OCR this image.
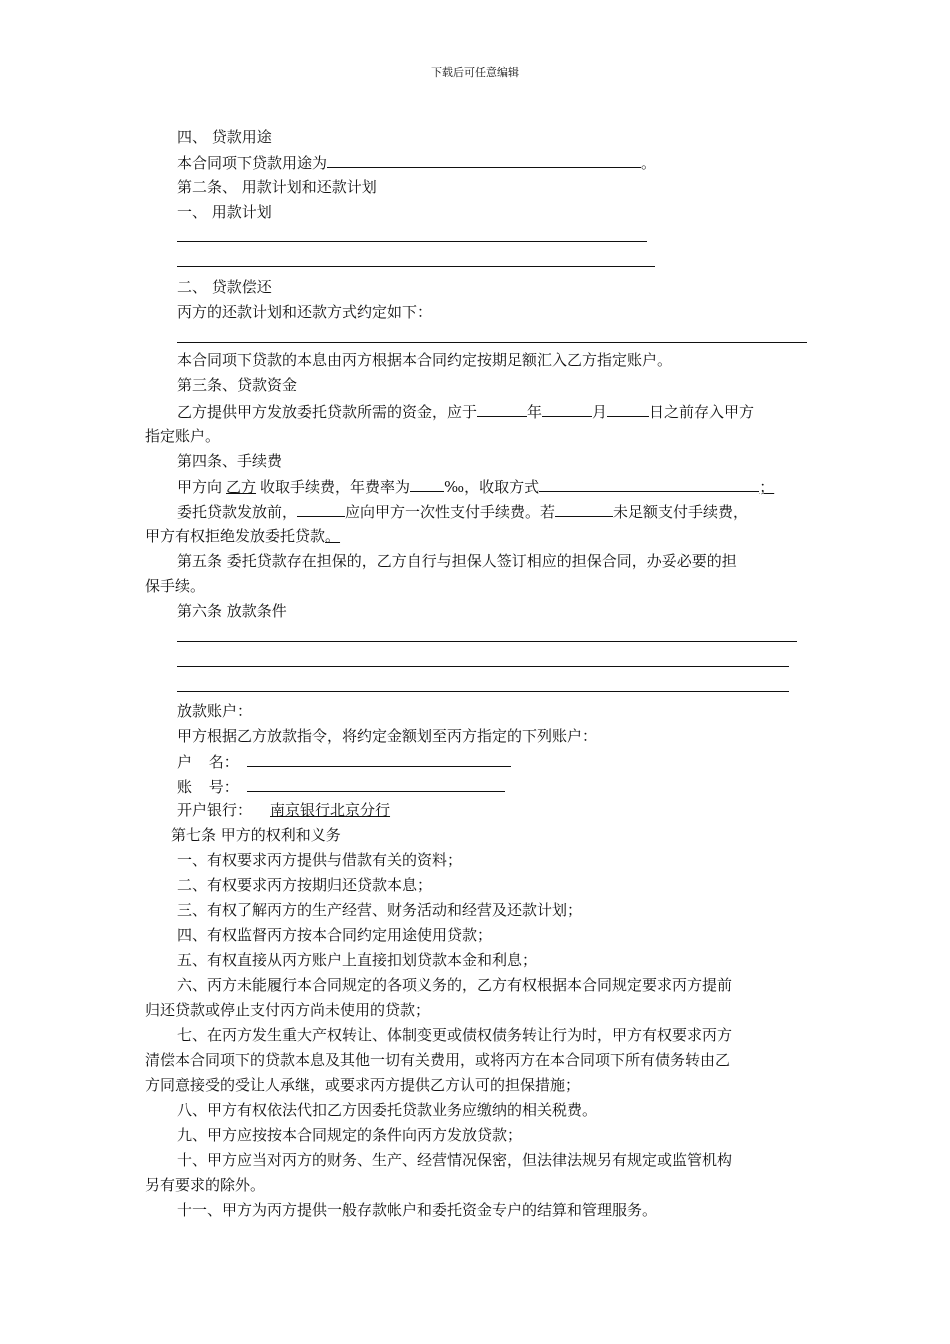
下载后可任意编辑
四、 贷款用途
本合同项下贷款用途为	。
第二条、 用款计划和还款计划
一、 用款计划
二、 贷款偿还
丙方的还款计划和还款方式约定如下：
本合同项下贷款的本息由丙方根据本合同约定按期足额汇入乙方指定账户。
第三条、贷款资金
乙方提供甲方发放委托贷款所需的资金，应于	年	月	日之前存入甲方
指定账户。
第四条、手续费
甲方向 乙方 收取手续费，年费率为 ‰，收取方式	；
委托贷款发放前，	应向甲方一次性支付手续费。若	未足额支付手续费，
甲方有权拒绝发放委托贷款。
第五条 委托贷款存在担保的，乙方自行与担保人签订相应的担保合同，办妥必要的担
保手续。
第六条 放款条件
放款账户：
甲方根据乙方放款指令，将约定金额划至丙方指定的下列账户：
户 名：
账 号：
开户银行： 南京银行北京分行
第七条 甲方的权利和义务
一、有权要求丙方提供与借款有关的资料；
二、有权要求丙方按期归还贷款本息；
三、有权了解丙方的生产经营、财务活动和经营及还款计划；
四、有权监督丙方按本合同约定用途使用贷款；
五、有权直接从丙方账户上直接扣划贷款本金和利息；
六、丙方未能履行本合同规定的各项义务的，乙方有权根据本合同规定要求丙方提前
归还贷款或停止支付丙方尚未使用的贷款；
七、在丙方发生重大产权转让、体制变更或债权债务转让行为时，甲方有权要求丙方
清偿本合同项下的贷款本息及其他一切有关费用，或将丙方在本合同项下所有债务转由乙
方同意接受的受让人承继，或要求丙方提供乙方认可的担保措施；
八、甲方有权依法代扣乙方因委托贷款业务应缴纳的相关税费。
九、甲方应按按本合同规定的条件向丙方发放贷款；
十、甲方应当对丙方的财务、生产、经营情况保密，但法律法规另有规定或监管机构
另有要求的除外。
十一、甲方为丙方提供一般存款帐户和委托资金专户的结算和管理服务。
